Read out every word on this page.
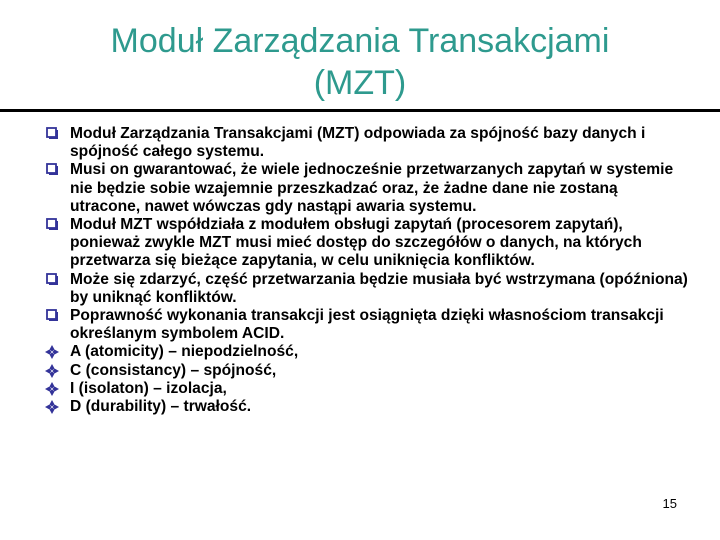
Moduł Zarządzania Transakcjami
(MZT)
Moduł Zarządzania Transakcjami (MZT) odpowiada za spójność bazy danych i spójność całego systemu.
Musi on gwarantować, że wiele jednocześnie przetwarzanych zapytań w systemie nie będzie sobie wzajemnie przeszkadzać oraz, że żadne dane nie zostaną utracone, nawet wówczas gdy nastąpi awaria systemu.
Moduł MZT współdziała z modułem obsługi zapytań (procesorem zapytań), ponieważ zwykle MZT musi mieć dostęp do szczegółów o danych, na których przetwarza się bieżące zapytania, w celu uniknięcia konfliktów.
Może się zdarzyć, część przetwarzania będzie musiała być wstrzymana (opóźniona) by uniknąć konfliktów.
Poprawność wykonania transakcji jest osiągnięta dzięki własnościom transakcji określanym symbolem ACID.
A (atomicity) – niepodzielność,
C (consistancy) – spójność,
I (isolaton) – izolacja,
D (durability) – trwałość.
15
